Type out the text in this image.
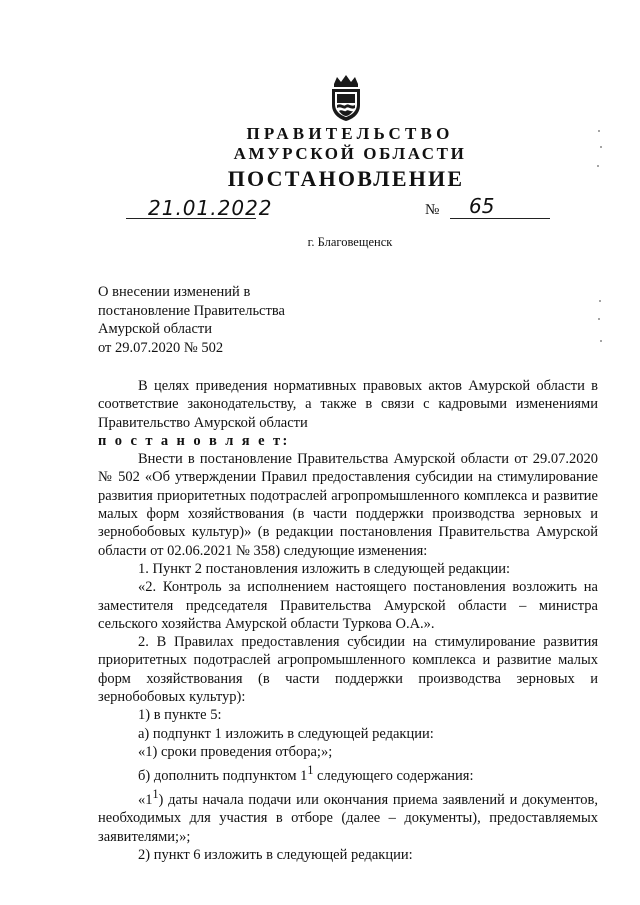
ПРАВИТЕЛЬСТВО
АМУРСКОЙ ОБЛАСТИ
ПОСТАНОВЛЕНИЕ
21.01.2022	№ 65
г. Благовещенск
О внесении изменений в
постановление Правительства
Амурской области
от 29.07.2020 № 502

В целях приведения нормативных правовых актов Амурской области в соответствие законодательству, а также в связи с кадровыми изменениями Правительство Амурской области

п о с т а н о в л я е т:

Внести в постановление Правительства Амурской области от 29.07.2020 № 502 «Об утверждении Правил предоставления субсидии на стимулирование развития приоритетных подотраслей агропромышленного комплекса и развитие малых форм хозяйствования (в части поддержки производства зерновых и зернобобовых культур)» (в редакции постановления Правительства Амурской области от 02.06.2021 № 358) следующие изменения:

1. Пункт 2 постановления изложить в следующей редакции:

«2. Контроль за исполнением настоящего постановления возложить на заместителя председателя Правительства Амурской области – министра сельского хозяйства Амурской области Туркова О.А.».

2. В Правилах предоставления субсидии на стимулирование развития приоритетных подотраслей агропромышленного комплекса и развитие малых форм хозяйствования (в части поддержки производства зерновых и зернобобовых культур):

1) в пункте 5:

а) подпункт 1 изложить в следующей редакции:

«1) сроки проведения отбора;»;

б) дополнить подпунктом $1^1$ следующего содержания:

«$1^1$) даты начала подачи или окончания приема заявлений и документов, необходимых для участия в отборе (далее – документы), предоставляемых заявителями;»;

2) пункт 6 изложить в следующей редакции:
